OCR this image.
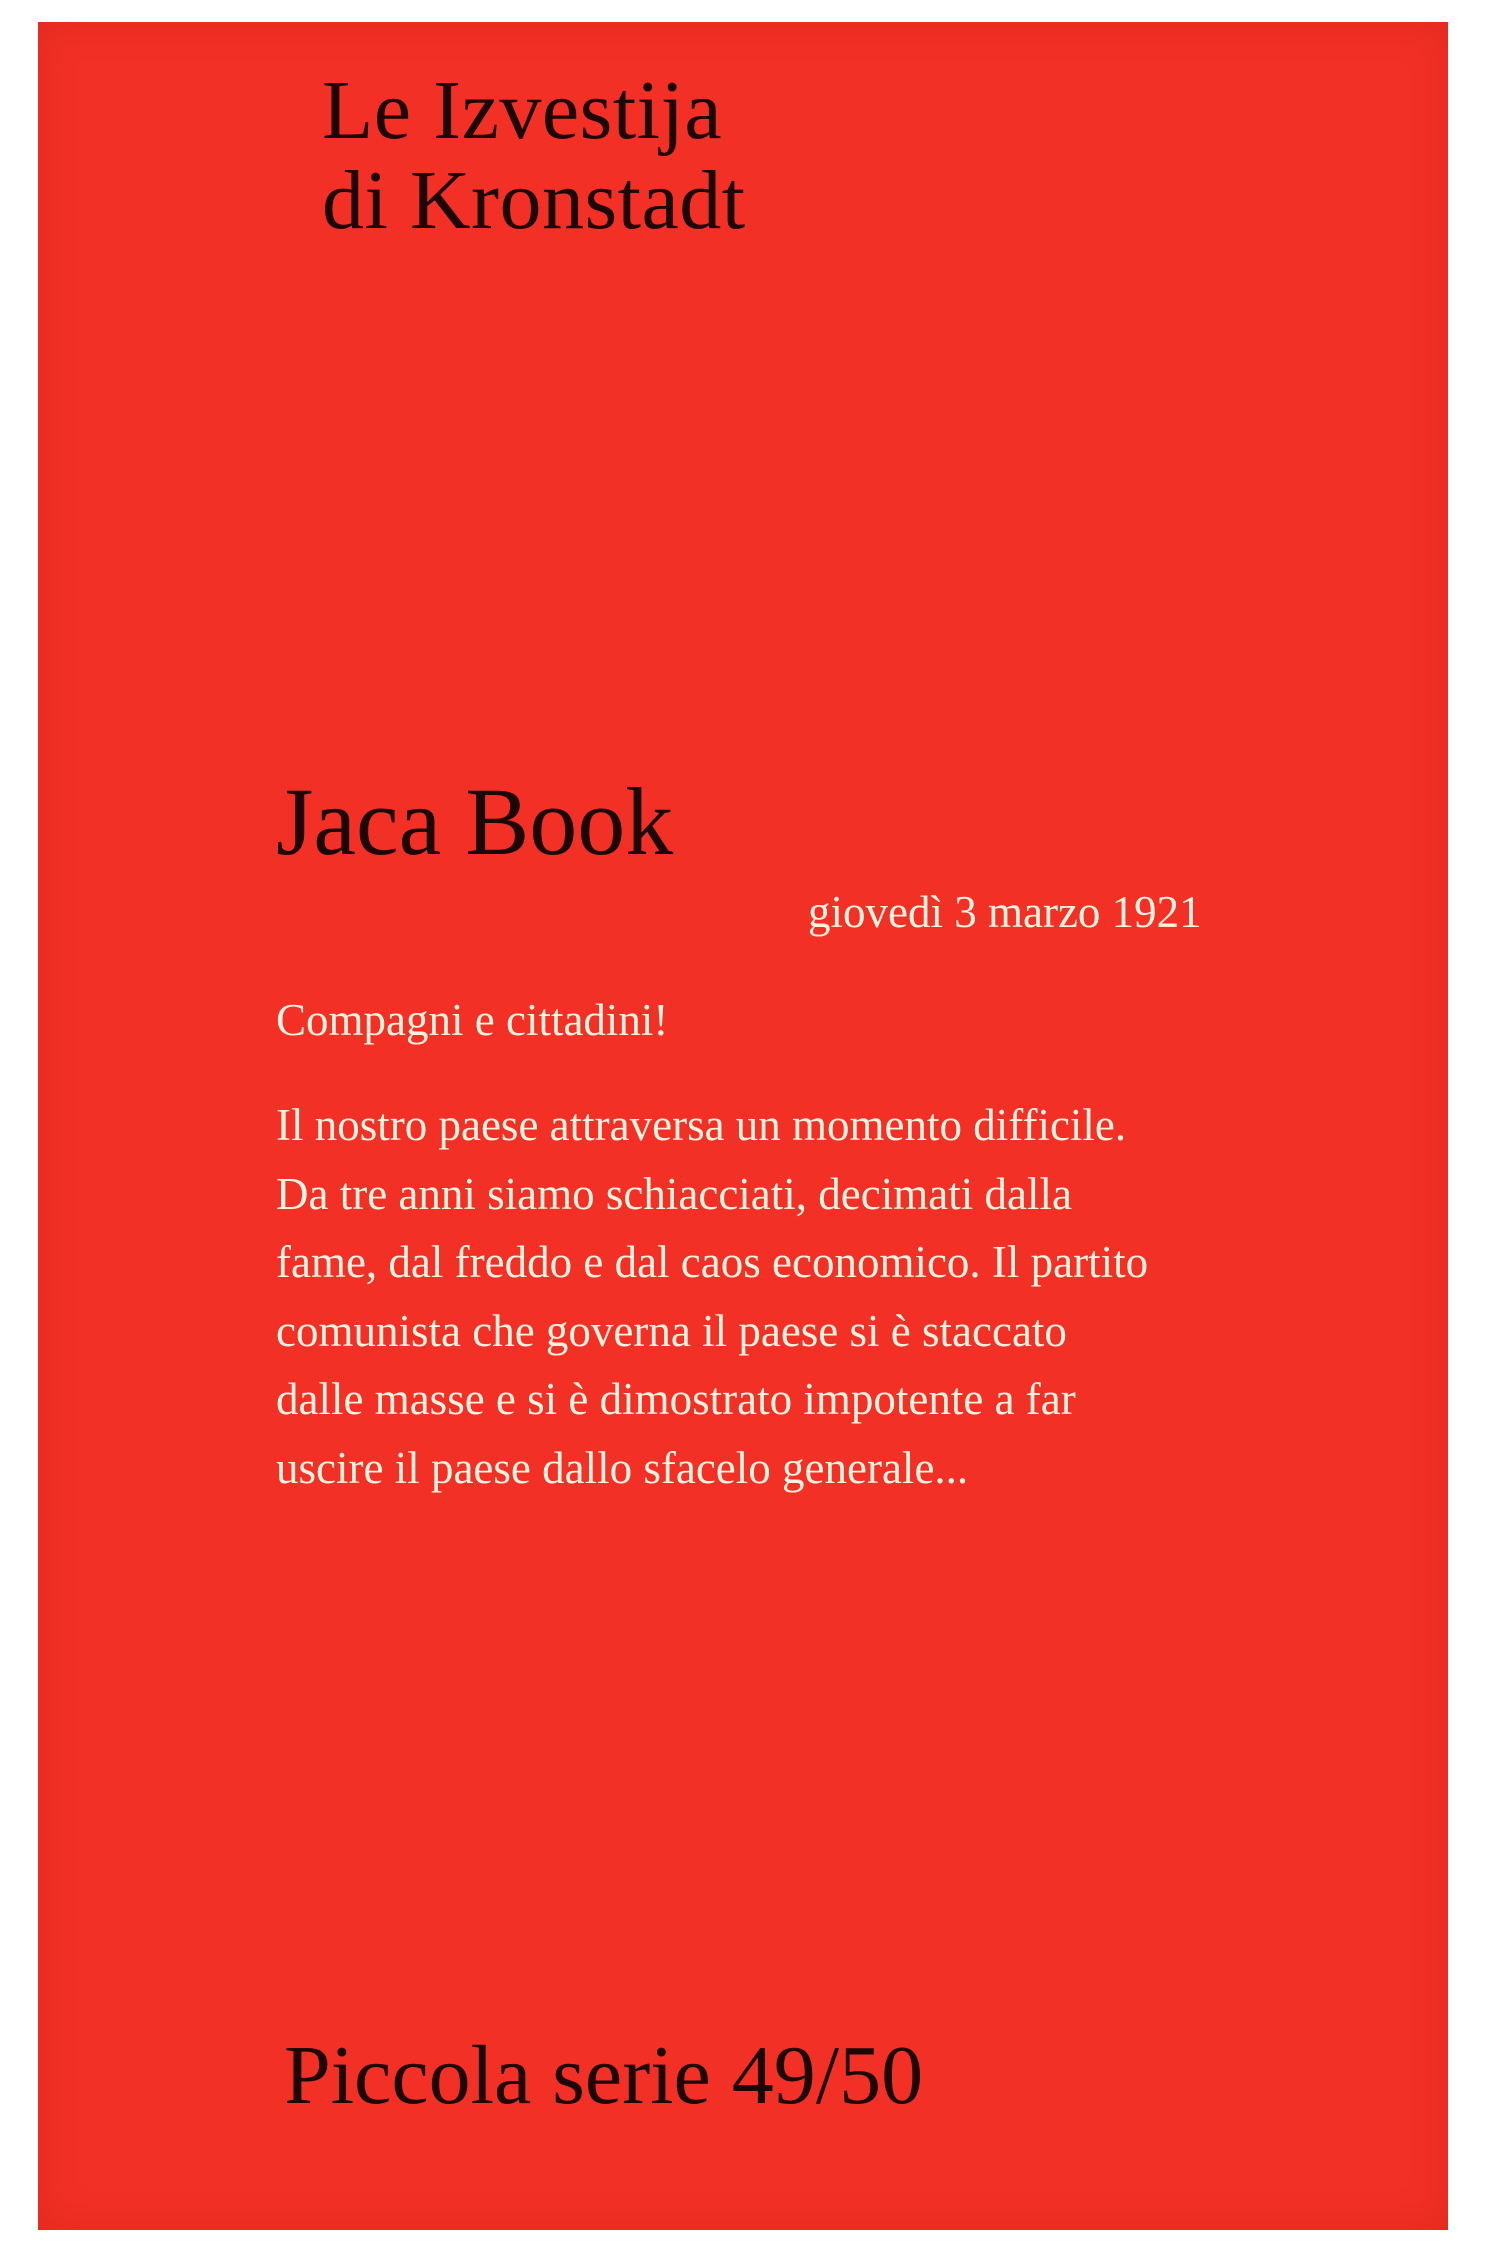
Le Izvestija
di Kronstadt
Jaca Book
giovedì 3 marzo 1921
Compagni e cittadini!
Il nostro paese attraversa un momento difficile.
Da tre anni siamo schiacciati, decimati dalla
fame, dal freddo e dal caos economico. Il partito
comunista che governa il paese si è staccato
dalle masse e si è dimostrato impotente a far
uscire il paese dallo sfacelo generale...
Piccola serie 49/50
